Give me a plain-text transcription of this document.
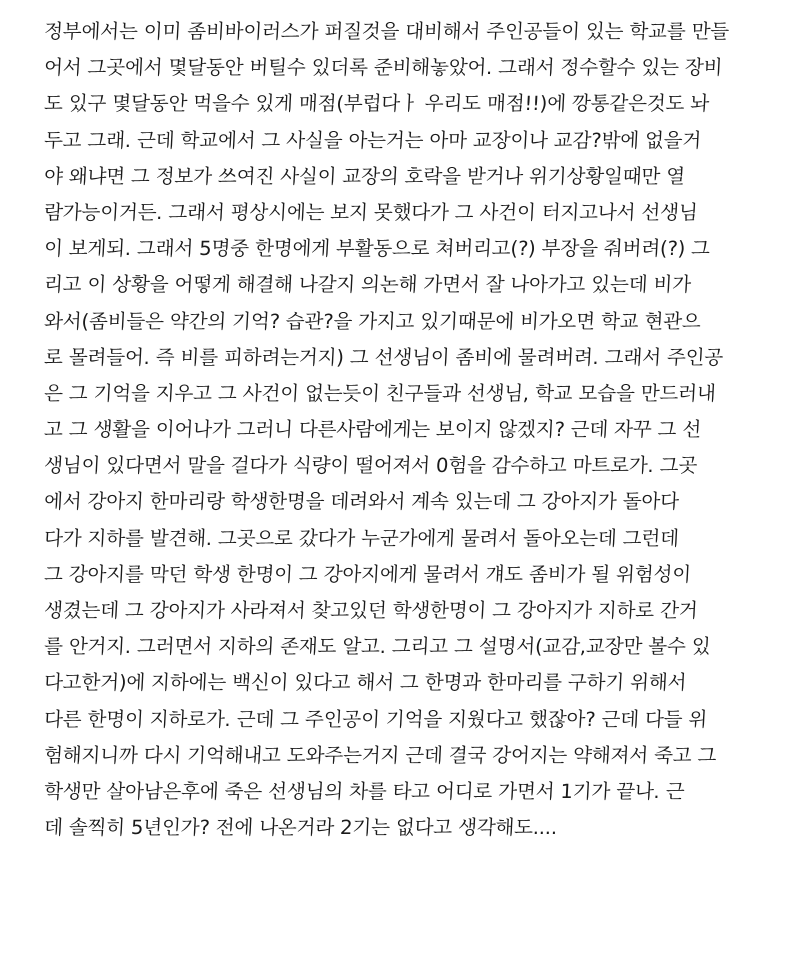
정부에서는 이미 좀비바이러스가 퍼질것을 대비해서 주인공들이 있는 학교를 만들
어서 그곳에서 몇달동안 버틸수 있더록 준비해놓았어. 그래서 정수할수 있는 장비
도 있구 몇달동안 먹을수 있게 매점(부럽다ㅏ 우리도 매점!!)에 깡통같은것도 놔
두고 그래. 근데 학교에서 그 사실을 아는거는 아마 교장이나 교감?밖에 없을거
야 왜냐면 그 정보가 쓰여진 사실이 교장의 호락을 받거나 위기상황일때만 열
람가능이거든. 그래서 평상시에는 보지 못했다가 그 사건이 터지고나서 선생님
이 보게되. 그래서 5명중 한명에게 부활동으로 쳐버리고(?) 부장을 줘버려(?) 그
리고 이 상황을 어떻게 해결해 나갈지 의논해 가면서 잘 나아가고 있는데 비가
와서(좀비들은 약간의 기억? 습관?을 가지고 있기때문에 비가오면 학교 현관으
로 몰려들어. 즉 비를 피하려는거지) 그 선생님이 좀비에 물려버려. 그래서 주인공
은 그 기억을 지우고 그 사건이 없는듯이 친구들과 선생님, 학교 모습을 만드러내
고 그 생활을 이어나가 그러니 다른사람에게는 보이지 않겠지? 근데 자꾸 그 선
생님이 있다면서 말을 걸다가 식량이 떨어져서 0험을 감수하고 마트로가. 그곳
에서 강아지 한마리랑 학생한명을 데려와서 계속 있는데 그 강아지가 돌아다
다가 지하를 발견해. 그곳으로 갔다가 누군가에게 물려서 돌아오는데 그런데
그 강아지를 막던 학생 한명이 그 강아지에게 물려서 걔도 좀비가 될 위험성이
생겼는데 그 강아지가 사라져서 찾고있던 학생한명이 그 강아지가 지하로 간거
를 안거지. 그러면서 지하의 존재도 알고. 그리고 그 설명서(교감,교장만 볼수 있
다고한거)에 지하에는 백신이 있다고 해서 그 한명과 한마리를 구하기 위해서
다른 한명이 지하로가. 근데 그 주인공이 기억을 지웠다고 했잖아? 근데 다들 위
험해지니까 다시 기억해내고 도와주는거지 근데 결국 강어지는 약해져서 죽고 그
학생만 살아남은후에 죽은 선생님의 차를 타고 어디로 가면서 1기가 끝나. 근
데 솔찍히 5년인가? 전에 나온거라 2기는 없다고 생각해도....
